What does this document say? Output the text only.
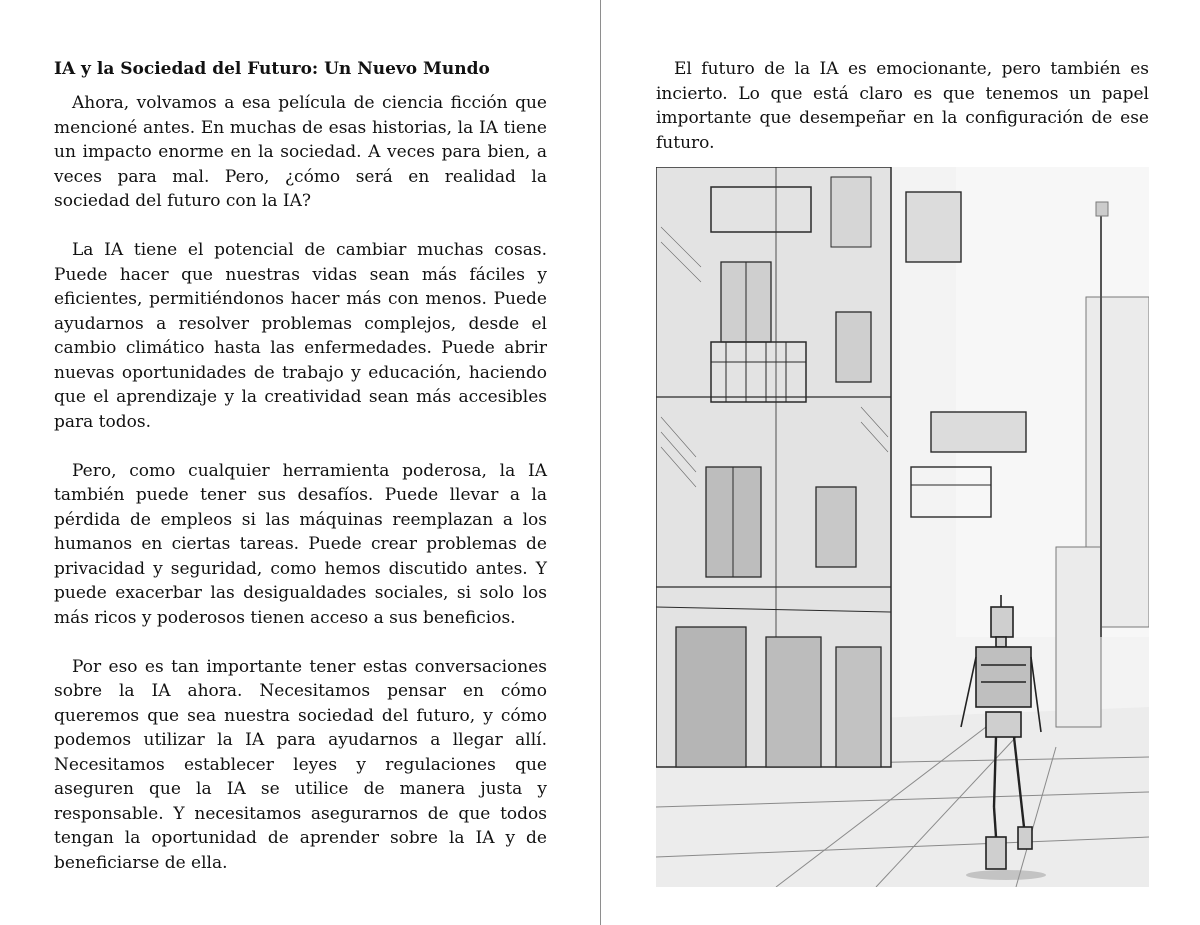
IA y la Sociedad del Futuro: Un Nuevo Mundo

Ahora, volvamos a esa película de ciencia ficción que mencioné antes. En muchas de esas historias, la IA tiene un impacto enorme en la sociedad. A veces para bien, a veces para mal. Pero, ¿cómo será en realidad la sociedad del futuro con la IA?

La IA tiene el potencial de cambiar muchas cosas. Puede hacer que nuestras vidas sean más fáciles y eficientes, permitiéndonos hacer más con menos. Puede ayudarnos a resolver problemas complejos, desde el cambio climático hasta las enfermedades. Puede abrir nuevas oportunidades de trabajo y educación, haciendo que el aprendizaje y la creatividad sean más accesibles para todos.

Pero, como cualquier herramienta poderosa, la IA también puede tener sus desafíos. Puede llevar a la pérdida de empleos si las máquinas reemplazan a los humanos en ciertas tareas. Puede crear problemas de privacidad y seguridad, como hemos discutido antes. Y puede exacerbar las desigualdades sociales, si solo los más ricos y poderosos tienen acceso a sus beneficios.

Por eso es tan importante tener estas conversaciones sobre la IA ahora. Necesitamos pensar en cómo queremos que sea nuestra sociedad del futuro, y cómo podemos utilizar la IA para ayudarnos a llegar allí. Necesitamos establecer leyes y regulaciones que aseguren que la IA se utilice de manera justa y responsable. Y necesitamos asegurarnos de que todos tengan la oportunidad de aprender sobre la IA y de beneficiarse de ella.

El futuro de la IA es emocionante, pero también es incierto. Lo que está claro es que tenemos un papel importante que desempeñar en la configuración de ese futuro.
